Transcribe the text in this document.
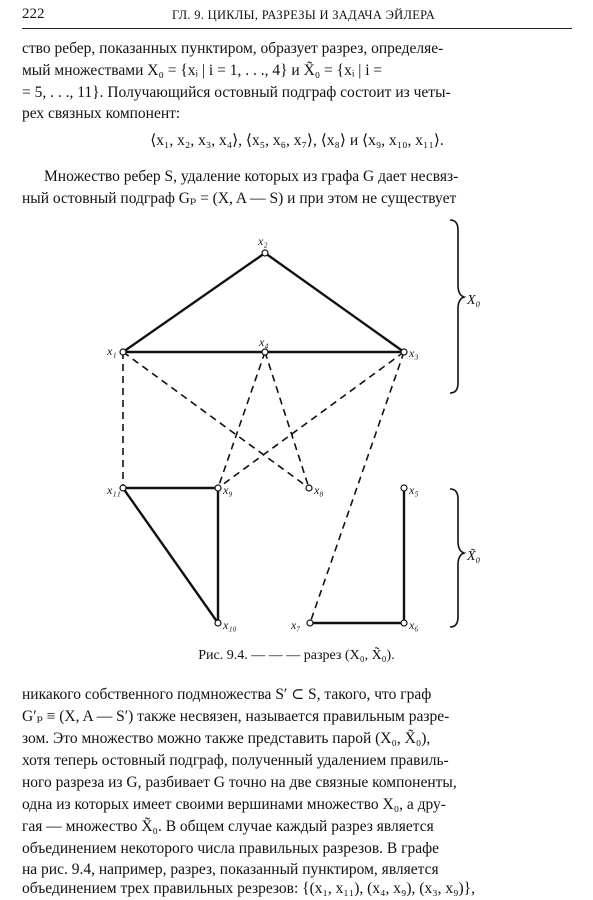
222	ГЛ. 9. ЦИКЛЫ, РАЗРЕЗЫ И ЗАДАЧА ЭЙЛЕРА

ство ребер, показанных пунктиром, образует разрез, определяе-

мый множествами X₀ = {xᵢ | i = 1, . . ., 4} и X̃₀ = {xᵢ | i =

= 5, . . ., 11}. Получающийся остовный подграф состоит из четы-

рех связных компонент:

⟨x₁, x₂, x₃, x₄⟩, ⟨x₅, x₆, x₇⟩, ⟨x₈⟩ и ⟨x₉, x₁₀, x₁₁⟩.

Множество ребер S, удаление которых из графа G дает несвяз-

ный остовный подграф Gₚ = (X, A — S) и при этом не существует

x₂
x₁
x₄
x₃
x₁₁	x₉	x₈	x₅
x₁₀	x₇	x₆
X₀
X̃₀
Рис. 9.4. — — — разрез (X₀, X̃₀).

никакого собственного подмножества S′ ⊂ S, такого, что граф

G′ₚ ≡ (X, A — S′) также несвязен, называется правильным разре-

зом. Это множество можно также представить парой (X₀, X̃₀),

хотя теперь остовный подграф, полученный удалением правиль-

ного разреза из G, разбивает G точно на две связные компоненты,

одна из которых имеет своими вершинами множество X₀, а дру-

гая — множество X̃₀. В общем случае каждый разрез является

объединением некоторого числа правильных разрезов. В графе

на рис. 9.4, например, разрез, показанный пунктиром, является

объединением трех правильных резрезов: {(x₁, x₁₁), (x₄, x₉), (x₃, x₉)},
